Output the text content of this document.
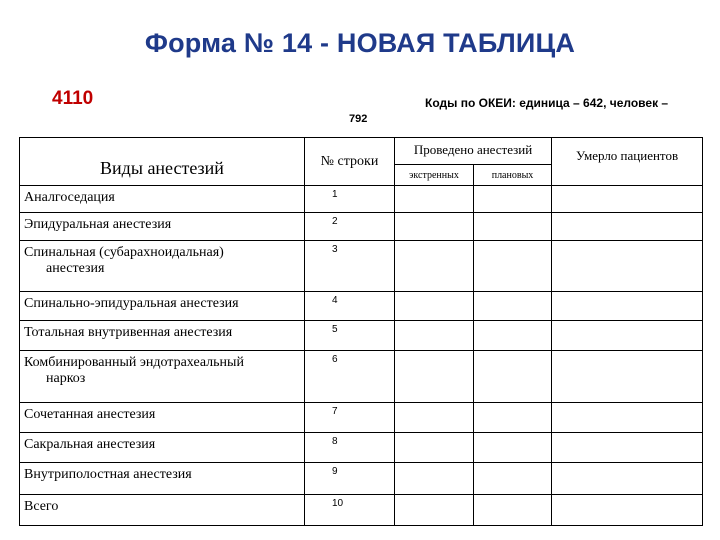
Форма № 14 - НОВАЯ ТАБЛИЦА
4110	Коды по ОКЕИ: единица – 642, человек –
792
Виды анестезий	№ строки	Проведено анестезий		Умерло пациентов
		экстренных	плановых	
Аналгоседация	1			
Эпидуральная анестезия	2			
Спинальная (субарахноидальная)
анестезия	3			
Спинально-эпидуральная анестезия	4			
Тотальная внутривенная анестезия	5			
Комбинированный эндотрахеальный
наркоз	6			
Сочетанная анестезия	7			
Сакральная анестезия	8			
Внутриполостная анестезия	9			
Всего	10			
